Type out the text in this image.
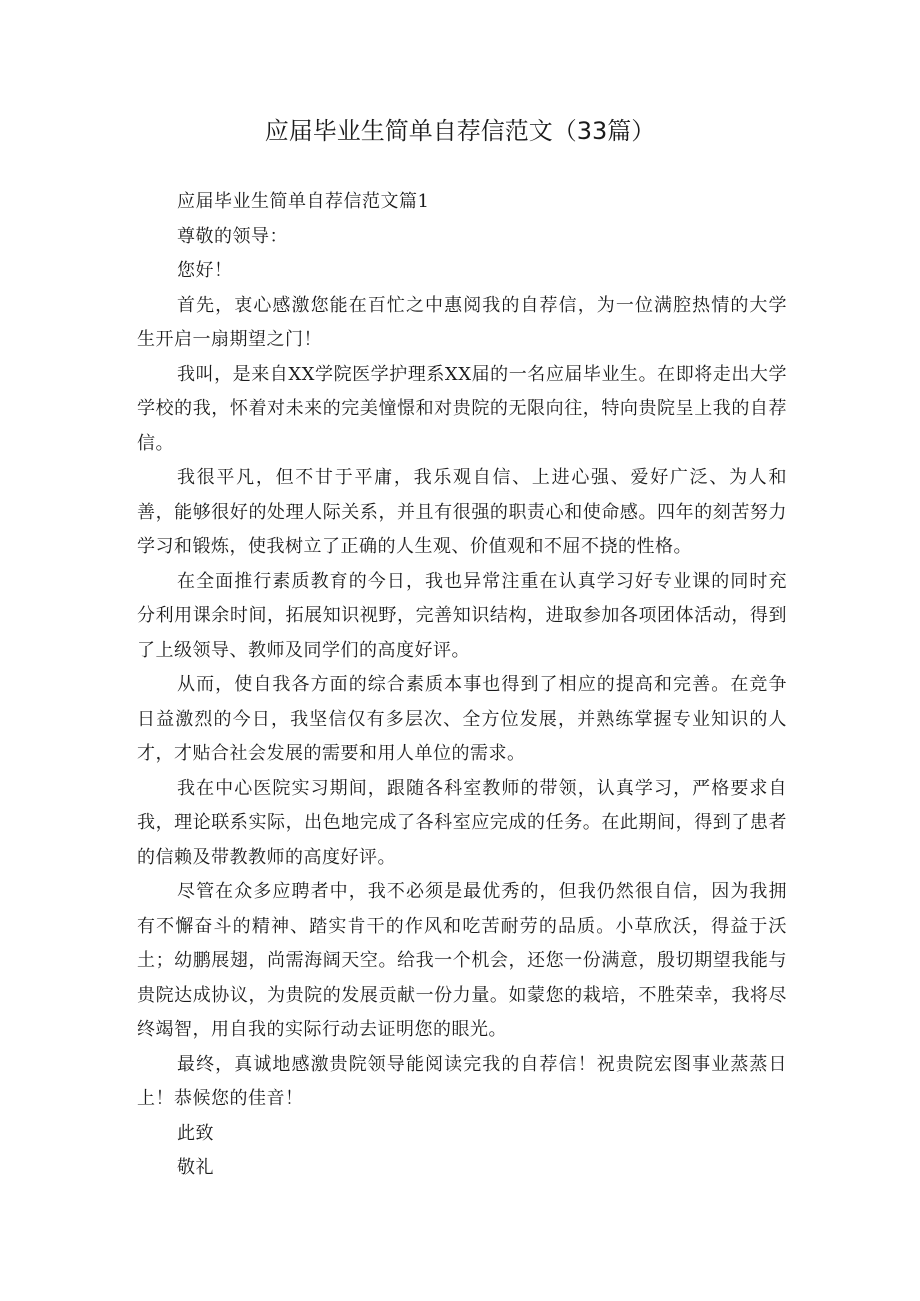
应届毕业生简单自荐信范文（33篇）

应届毕业生简单自荐信范文篇1

尊敬的领导：

您好！

首先，衷心感激您能在百忙之中惠阅我的自荐信，为一位满腔热情的大学生开启一扇期望之门！

我叫，是来自XX学院医学护理系XX届的一名应届毕业生。在即将走出大学学校的我，怀着对未来的完美憧憬和对贵院的无限向往，特向贵院呈上我的自荐信。

我很平凡，但不甘于平庸，我乐观自信、上进心强、爱好广泛、为人和善，能够很好的处理人际关系，并且有很强的职责心和使命感。四年的刻苦努力学习和锻炼，使我树立了正确的人生观、价值观和不屈不挠的性格。

在全面推行素质教育的今日，我也异常注重在认真学习好专业课的同时充分利用课余时间，拓展知识视野，完善知识结构，进取参加各项团体活动，得到了上级领导、教师及同学们的高度好评。

从而，使自我各方面的综合素质本事也得到了相应的提高和完善。在竞争日益激烈的今日，我坚信仅有多层次、全方位发展，并熟练掌握专业知识的人才，才贴合社会发展的需要和用人单位的需求。

我在中心医院实习期间，跟随各科室教师的带领，认真学习，严格要求自我，理论联系实际，出色地完成了各科室应完成的任务。在此期间，得到了患者的信赖及带教教师的高度好评。

尽管在众多应聘者中，我不必须是最优秀的，但我仍然很自信，因为我拥有不懈奋斗的精神、踏实肯干的作风和吃苦耐劳的品质。小草欣沃，得益于沃土；幼鹏展翅，尚需海阔天空。给我一个机会，还您一份满意，殷切期望我能与贵院达成协议，为贵院的发展贡献一份力量。如蒙您的栽培，不胜荣幸，我将尽终竭智，用自我的实际行动去证明您的眼光。

最终，真诚地感激贵院领导能阅读完我的自荐信！祝贵院宏图事业蒸蒸日上！恭候您的佳音！

此致

敬礼
